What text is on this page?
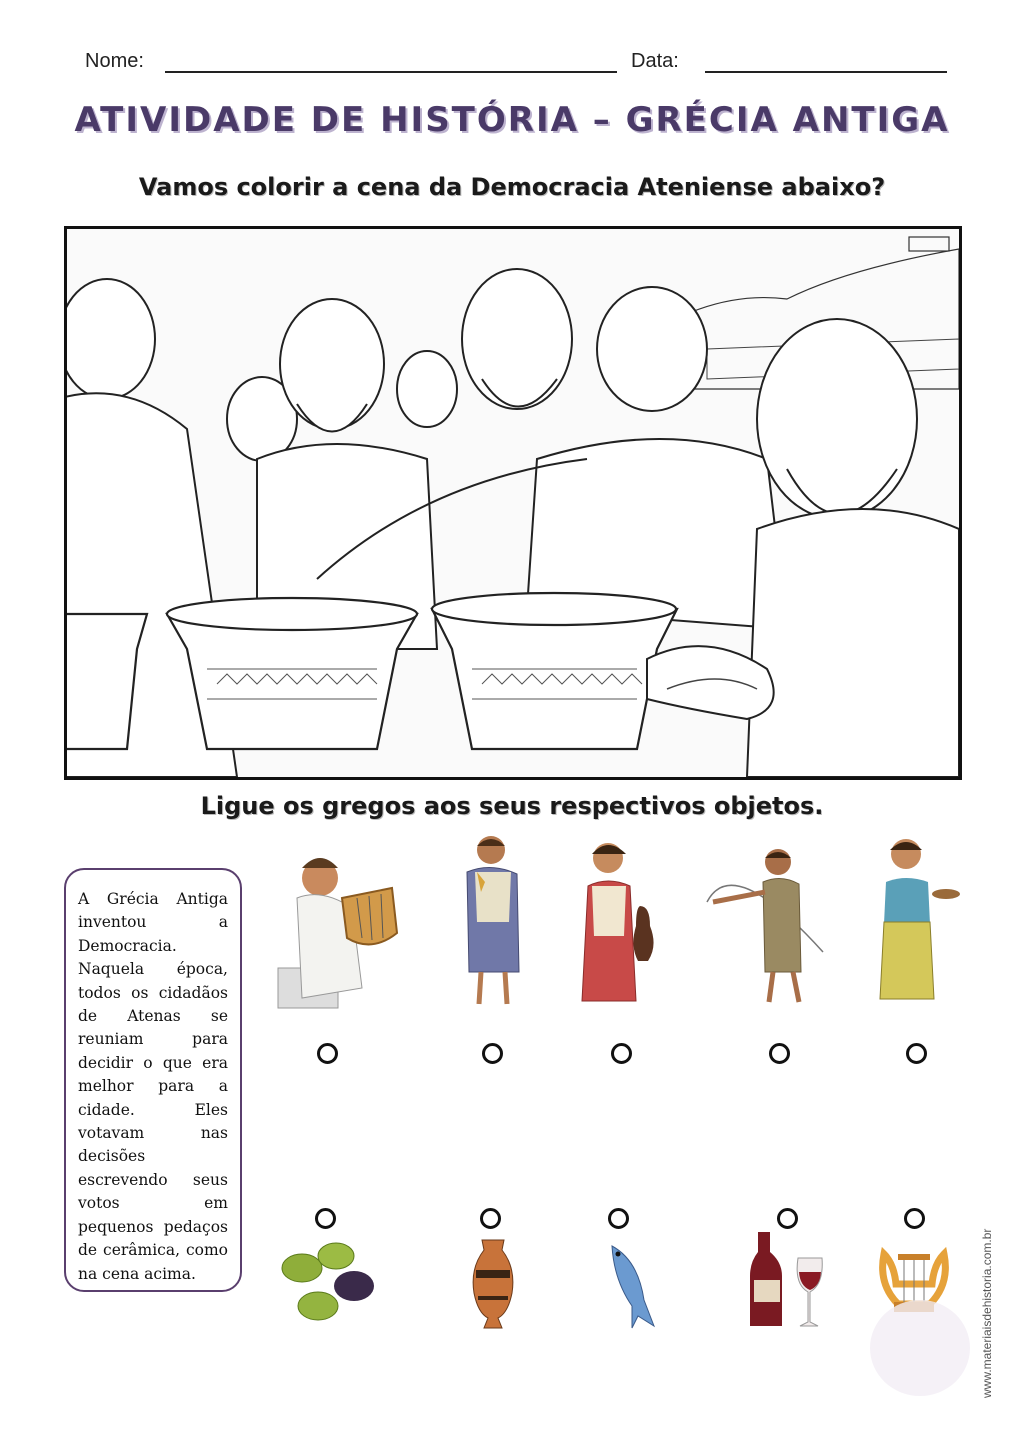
Nome:	Data:
ATIVIDADE DE HISTÓRIA – GRÉCIA ANTIGA
Vamos colorir a cena da Democracia Ateniense abaixo?
Ligue os gregos aos seus respectivos objetos.
A Grécia Antiga inventou a Democracia. Naquela época, todos os cidadãos de Atenas se reuniam para decidir o que era melhor para a cidade. Eles votavam nas decisões escrevendo seus votos em pequenos pedaços de cerâmica, como na cena acima.	www.materiaisdehistoria.com.br
